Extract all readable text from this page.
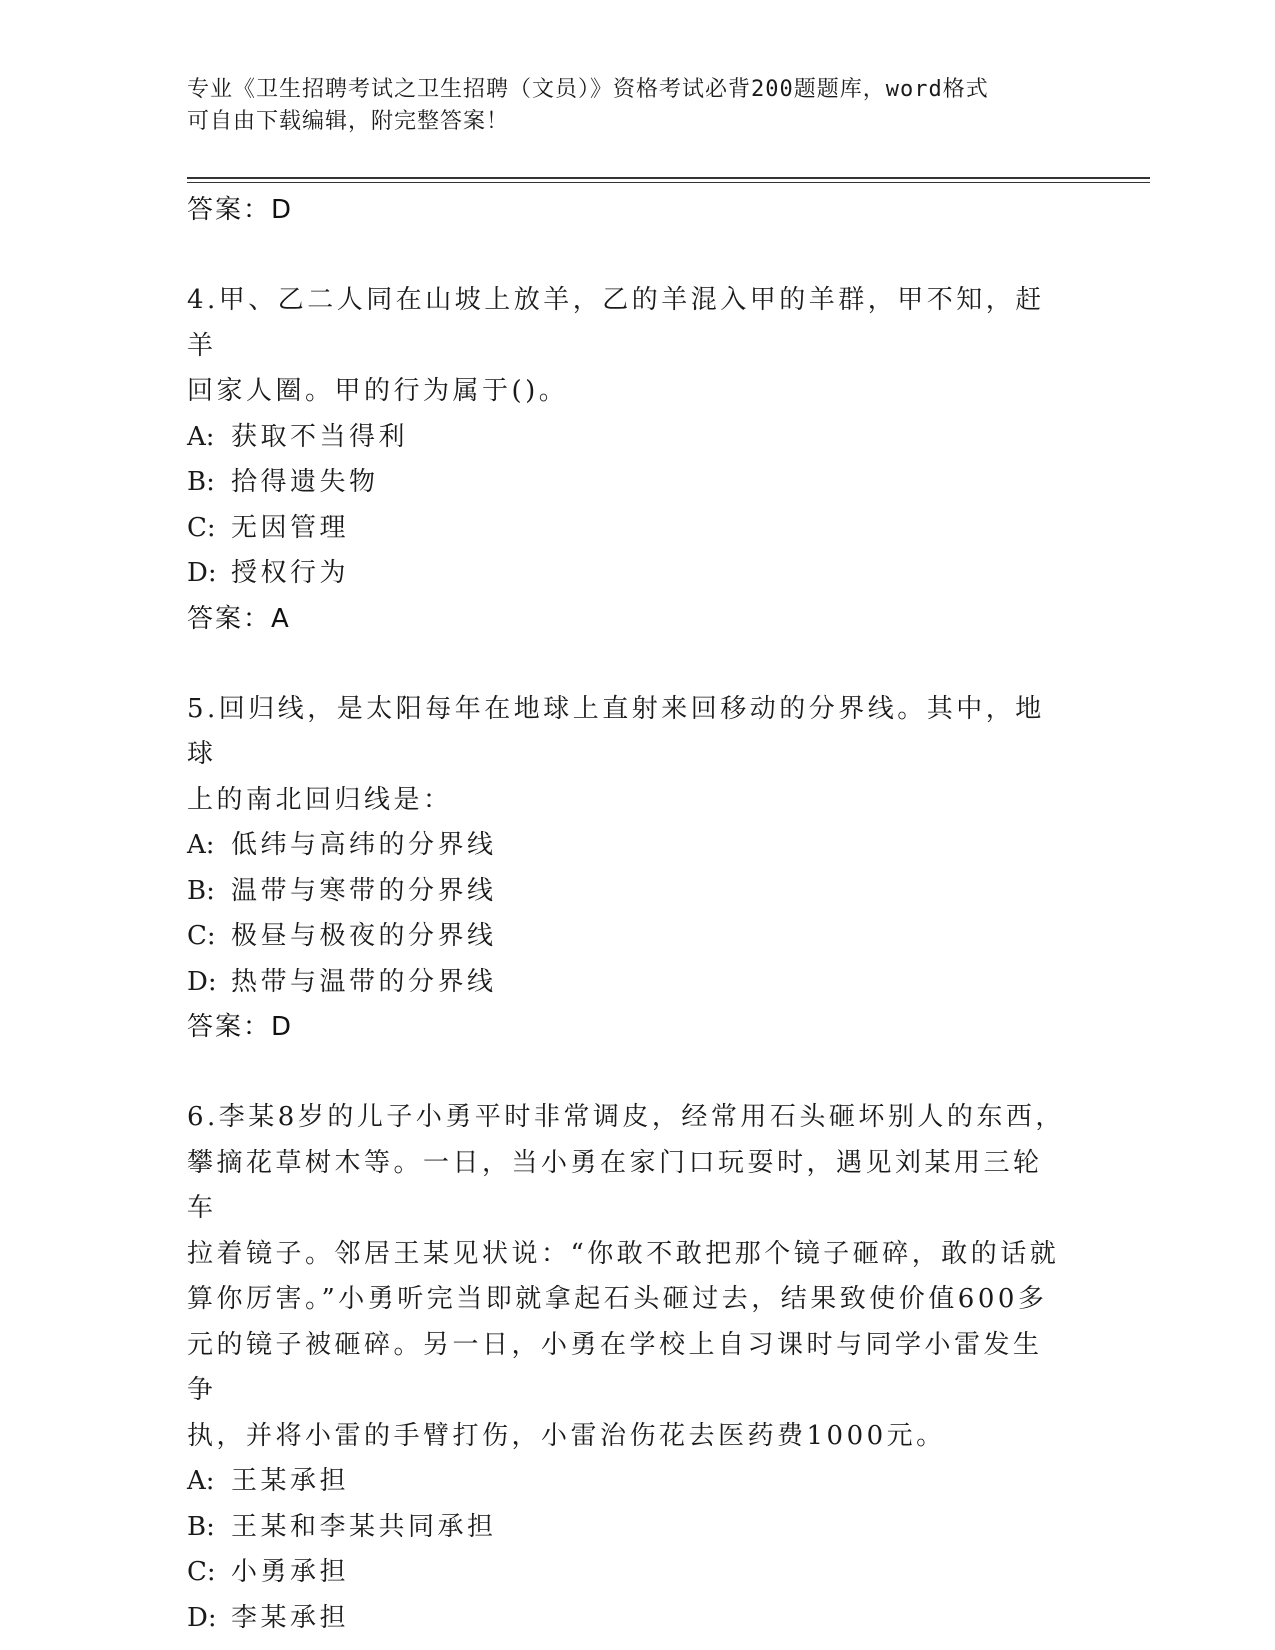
专业《卫生招聘考试之卫生招聘（文员）》资格考试必背200题题库，word格式
可自由下载编辑，附完整答案！
答案：D
4.甲、乙二人同在山坡上放羊，乙的羊混入甲的羊群，甲不知，赶羊
回家人圈。甲的行为属于()。
A: 获取不当得利
B: 拾得遗失物
C: 无因管理
D: 授权行为
答案：A
5.回归线，是太阳每年在地球上直射来回移动的分界线。其中，地球
上的南北回归线是：
A: 低纬与高纬的分界线
B: 温带与寒带的分界线
C: 极昼与极夜的分界线
D: 热带与温带的分界线
答案：D
6.李某8岁的儿子小勇平时非常调皮，经常用石头砸坏别人的东西，
攀摘花草树木等。一日，当小勇在家门口玩耍时，遇见刘某用三轮车
拉着镜子。邻居王某见状说：“你敢不敢把那个镜子砸碎，敢的话就
算你厉害。”小勇听完当即就拿起石头砸过去，结果致使价值600多
元的镜子被砸碎。另一日，小勇在学校上自习课时与同学小雷发生争
执，并将小雷的手臂打伤，小雷治伤花去医药费1000元。
A: 王某承担
B: 王某和李某共同承担
C: 小勇承担
D: 李某承担
